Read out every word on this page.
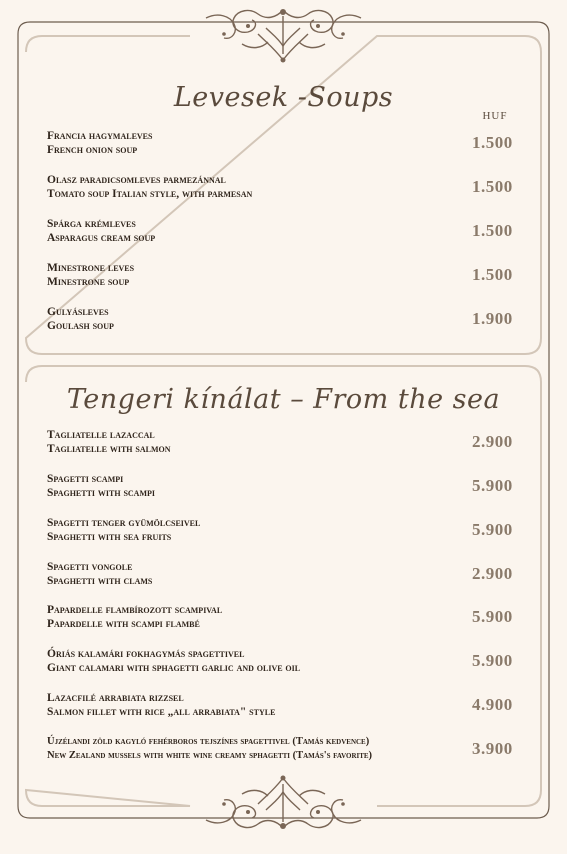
Levesek -Soups
HUF
Francia hagymaleves
French onion soup	1.500
Olasz paradicsomleves parmezánnal
Tomato soup Italian style, with parmesan	1.500
Spárga krémleves
Asparagus cream soup	1.500
Minestrone leves
Minestrone soup	1.500
Gulyásleves
Goulash soup	1.900
Tengeri kínálat – From the sea
Tagliatelle lazaccal
Tagliatelle with salmon	2.900
Spagetti scampi
Spaghetti with scampi	5.900
Spagetti tenger gyümölcseivel
Spaghetti with sea fruits	5.900
Spagetti vongole
Spaghetti with clams	2.900
Papardelle flambírozott scampival
Papardelle with scampi flambé	5.900
Óriás kalamári fokhagymás spagettivel
Giant calamari with sphagetti garlic and olive oil	5.900
Lazacfilé arrabiata rizzsel
Salmon fillet with rice „all arrabiata" style	4.900
Újzélandi zöld kagyló fehérboros tejszínes spagettivel (Tamás kedvence)
New Zealand mussels with white wine creamy sphagetti (Tamás's favorite)	3.900
